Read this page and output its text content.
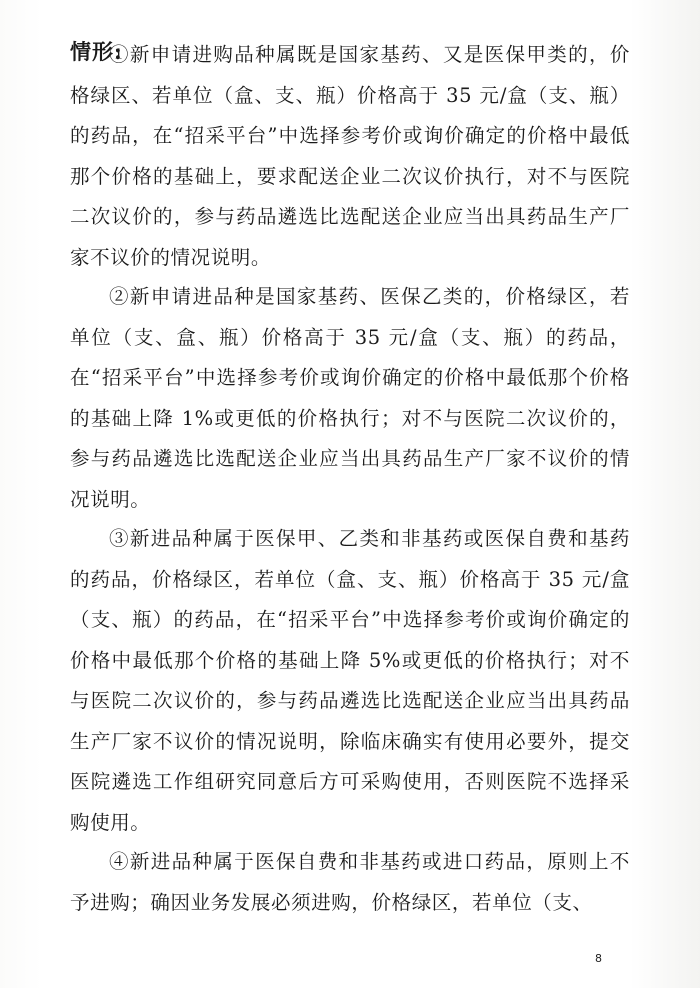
情形:

①新申请进购品种属既是国家基药、又是医保甲类的，价格绿区、若单位（盒、支、瓶）价格高于 35 元/盒（支、瓶）的药品，在“招采平台”中选择参考价或询价确定的价格中最低那个价格的基础上，要求配送企业二次议价执行，对不与医院二次议价的，参与药品遴选比选配送企业应当出具药品生产厂家不议价的情况说明。

②新申请进品种是国家基药、医保乙类的，价格绿区，若单位（支、盒、瓶）价格高于 35 元/盒（支、瓶）的药品，在“招采平台”中选择参考价或询价确定的价格中最低那个价格的基础上降 1%或更低的价格执行；对不与医院二次议价的，参与药品遴选比选配送企业应当出具药品生产厂家不议价的情况说明。

③新进品种属于医保甲、乙类和非基药或医保自费和基药的药品，价格绿区，若单位（盒、支、瓶）价格高于 35 元/盒（支、瓶）的药品，在“招采平台”中选择参考价或询价确定的价格中最低那个价格的基础上降 5%或更低的价格执行；对不与医院二次议价的，参与药品遴选比选配送企业应当出具药品生产厂家不议价的情况说明，除临床确实有使用必要外，提交医院遴选工作组研究同意后方可采购使用，否则医院不选择采购使用。

④新进品种属于医保自费和非基药或进口药品，原则上不予进购；确因业务发展必须进购，价格绿区，若单位（支、

8
